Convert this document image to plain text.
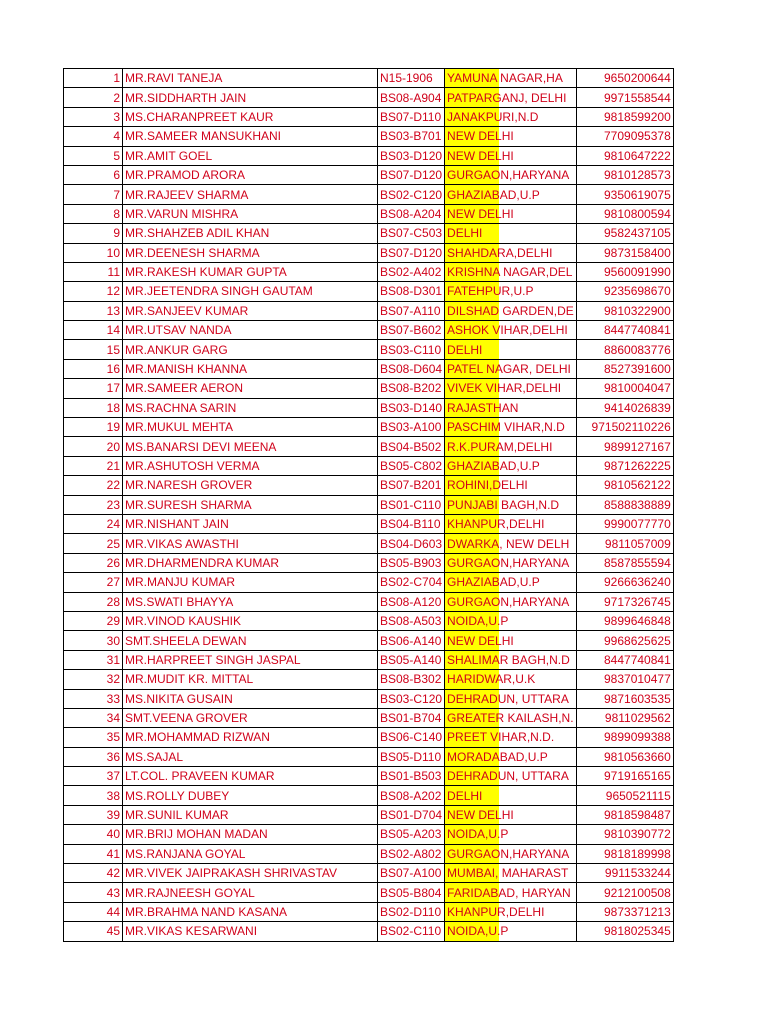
1	MR.RAVI TANEJA	N15-1906	YAMUNA NAGAR,HA	9650200644
2	MR.SIDDHARTH JAIN	BS08-A904	PATPARGANJ, DELHI	9971558544
3	MS.CHARANPREET KAUR	BS07-D110	JANAKPURI,N.D	9818599200
4	MR.SAMEER MANSUKHANI	BS03-B701	NEW DELHI	7709095378
5	MR.AMIT GOEL	BS03-D120	NEW DELHI	9810647222
6	MR.PRAMOD ARORA	BS07-D120	GURGAON,HARYANA	9810128573
7	MR.RAJEEV SHARMA	BS02-C120	GHAZIABAD,U.P	9350619075
8	MR.VARUN MISHRA	BS08-A204	NEW DELHI	9810800594
9	MR.SHAHZEB ADIL KHAN	BS07-C503	DELHI	9582437105
10	MR.DEENESH SHARMA	BS07-D120	SHAHDARA,DELHI	9873158400
11	MR.RAKESH KUMAR GUPTA	BS02-A402	KRISHNA NAGAR,DEL	9560091990
12	MR.JEETENDRA SINGH GAUTAM	BS08-D301	FATEHPUR,U.P	9235698670
13	MR.SANJEEV KUMAR	BS07-A110	DILSHAD GARDEN,DE	9810322900
14	MR.UTSAV NANDA	BS07-B602	ASHOK VIHAR,DELHI	8447740841
15	MR.ANKUR GARG	BS03-C110	DELHI	8860083776
16	MR.MANISH KHANNA	BS08-D604	PATEL NAGAR, DELHI	8527391600
17	MR.SAMEER AERON	BS08-B202	VIVEK VIHAR,DELHI	9810004047
18	MS.RACHNA SARIN	BS03-D140	RAJASTHAN	9414026839
19	MR.MUKUL MEHTA	BS03-A100	PASCHIM VIHAR,N.D	971502110226
20	MS.BANARSI DEVI MEENA	BS04-B502	R.K.PURAM,DELHI	9899127167
21	MR.ASHUTOSH VERMA	BS05-C802	GHAZIABAD,U.P	9871262225
22	MR.NARESH GROVER	BS07-B201	ROHINI,DELHI	9810562122
23	MR.SURESH SHARMA	BS01-C110	PUNJABI BAGH,N.D	8588838889
24	MR.NISHANT JAIN	BS04-B110	KHANPUR,DELHI	9990077770
25	MR.VIKAS AWASTHI	BS04-D603	DWARKA, NEW DELH	9811057009
26	MR.DHARMENDRA KUMAR	BS05-B903	GURGAON,HARYANA	8587855594
27	MR.MANJU KUMAR	BS02-C704	GHAZIABAD,U.P	9266636240
28	MS.SWATI BHAYYA	BS08-A120	GURGAON,HARYANA	9717326745
29	MR.VINOD KAUSHIK	BS08-A503	NOIDA,U.P	9899646848
30	SMT.SHEELA DEWAN	BS06-A140	NEW DELHI	9968625625
31	MR.HARPREET SINGH JASPAL	BS05-A140	SHALIMAR BAGH,N.D	8447740841
32	MR.MUDIT KR. MITTAL	BS08-B302	HARIDWAR,U.K	9837010477
33	MS.NIKITA GUSAIN	BS03-C120	DEHRADUN, UTTARA	9871603535
34	SMT.VEENA GROVER	BS01-B704	GREATER KAILASH,N.	9811029562
35	MR.MOHAMMAD RIZWAN	BS06-C140	PREET VIHAR,N.D.	9899099388
36	MS.SAJAL	BS05-D110	MORADABAD,U.P	9810563660
37	LT.COL. PRAVEEN KUMAR	BS01-B503	DEHRADUN, UTTARA	9719165165
38	MS.ROLLY DUBEY	BS08-A202	DELHI	9650521115
39	MR.SUNIL KUMAR	BS01-D704	NEW DELHI	9818598487
40	MR.BRIJ MOHAN MADAN	BS05-A203	NOIDA,U.P	9810390772
41	MS.RANJANA GOYAL	BS02-A802	GURGAON,HARYANA	9818189998
42	MR.VIVEK JAIPRAKASH SHRIVASTAV	BS07-A100	MUMBAI, MAHARAST	9911533244
43	MR.RAJNEESH GOYAL	BS05-B804	FARIDABAD, HARYAN	9212100508
44	MR.BRAHMA NAND KASANA	BS02-D110	KHANPUR,DELHI	9873371213
45	MR.VIKAS KESARWANI	BS02-C110	NOIDA,U.P	9818025345
